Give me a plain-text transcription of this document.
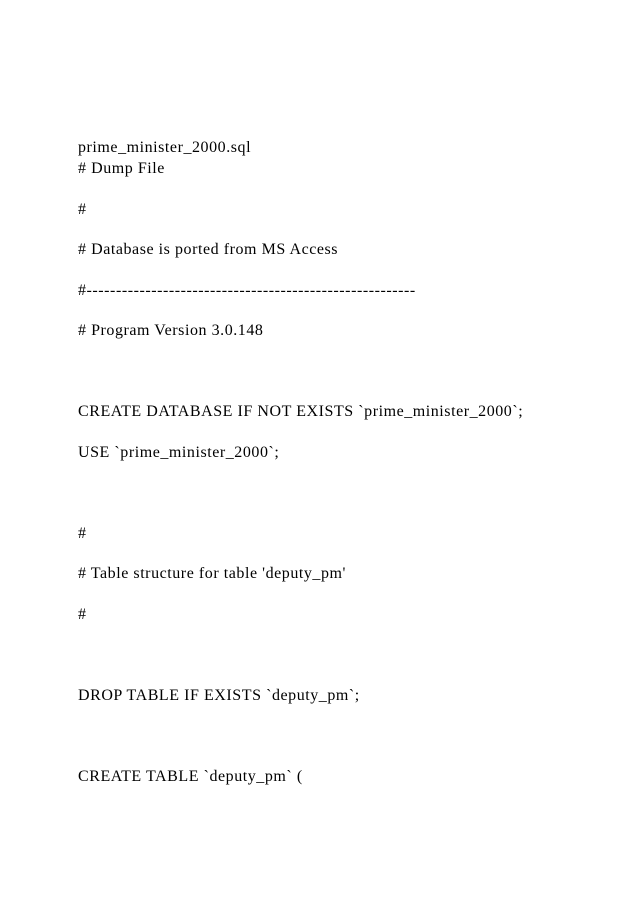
prime_minister_2000.sql
# Dump File
#
# Database is ported from MS Access
#--------------------------------------------------------
# Program Version 3.0.148
CREATE DATABASE IF NOT EXISTS `prime_minister_2000`;
USE `prime_minister_2000`;
#
# Table structure for table 'deputy_pm'
#
DROP TABLE IF EXISTS `deputy_pm`;
CREATE TABLE `deputy_pm` (
